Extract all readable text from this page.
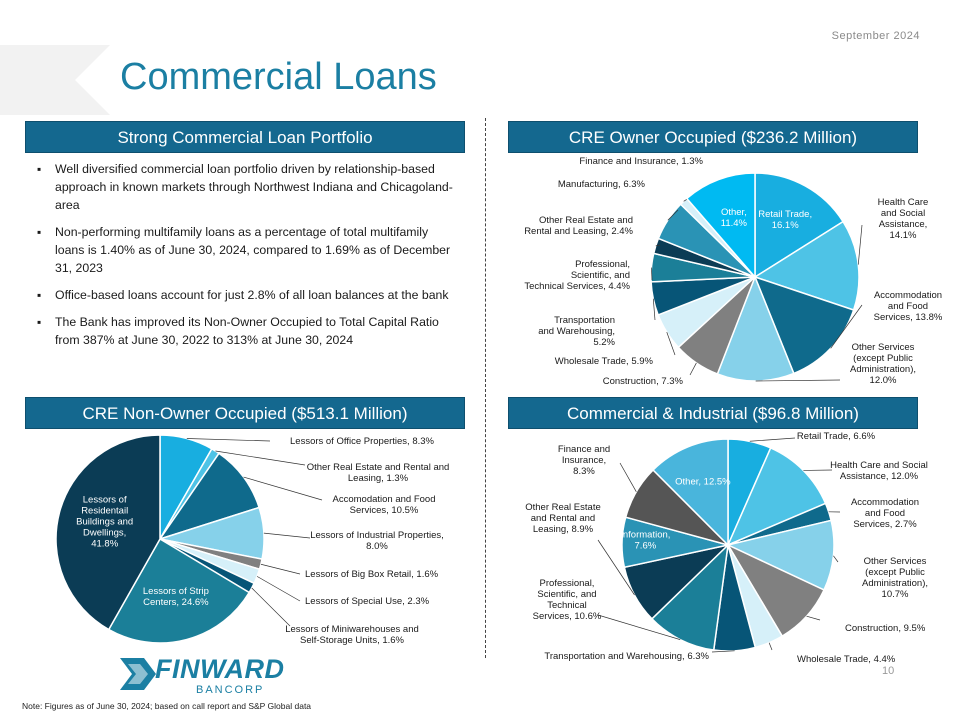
September 2024
Commercial Loans
Strong Commercial Loan Portfolio
▪ Well diversified commercial loan portfolio driven by relationship-based approach in known markets through Northwest Indiana and Chicagoland-area
▪ Non-performing multifamily loans as a percentage of total multifamily loans is 1.40% as of June 30, 2024, compared to 1.69% as of December 31, 2023
▪ Office-based loans account for just 2.8% of all loan balances at the bank
▪ The Bank has improved its Non-Owner Occupied to Total Capital Ratio from 387% at June 30, 2022 to 313% at June 30, 2024
CRE Owner Occupied ($236.2 Million)
CRE Non-Owner Occupied ($513.1 Million)	Commercial & Industrial ($96.8 Million)
Retail Trade, 16.1%
Health Care and Social Assistance, 14.1%
Accommodation and Food Services, 13.8%
Other Services (except Public Administration), 12.0%
Construction, 7.3%
Wholesale Trade, 5.9%
Transportation and Warehousing, 5.2%
Professional, Scientific, and Technical Services, 4.4%
Other Real Estate and Rental and Leasing, 2.4%
Manufacturing, 6.3%
Finance and Insurance, 1.3%
Other, 11.4%
Lessors of Office Properties, 8.3%
Other Real Estate and Rental and Leasing, 1.3%
Accomodation and Food Services, 10.5%
Lessors of Industrial Properties, 8.0%
Lessors of Big Box Retail, 1.6%
Lessors of Special Use, 2.3%
Lessors of Miniwarehouses and Self-Storage Units, 1.6%
Lessors of Strip Centers, 24.6%
Lessors of Residentail Buildings and Dwellings, 41.8%
Retail Trade, 6.6%
Health Care and Social Assistance, 12.0%
Accommodation and Food Services, 2.7%
Other Services (except Public Administration), 10.7%
Construction, 9.5%
Wholesale Trade, 4.4%
Transportation and Warehousing, 6.3%
Professional, Scientific, and Technical Services, 10.6%
Other Real Estate and Rental and Leasing, 8.9%	Information, 7.6%
Finance and Insurance, 8.3%
Other, 12.5%
FINWARD
BANCORP
10
Note: Figures as of June 30, 2024; based on call report and S&P Global data
